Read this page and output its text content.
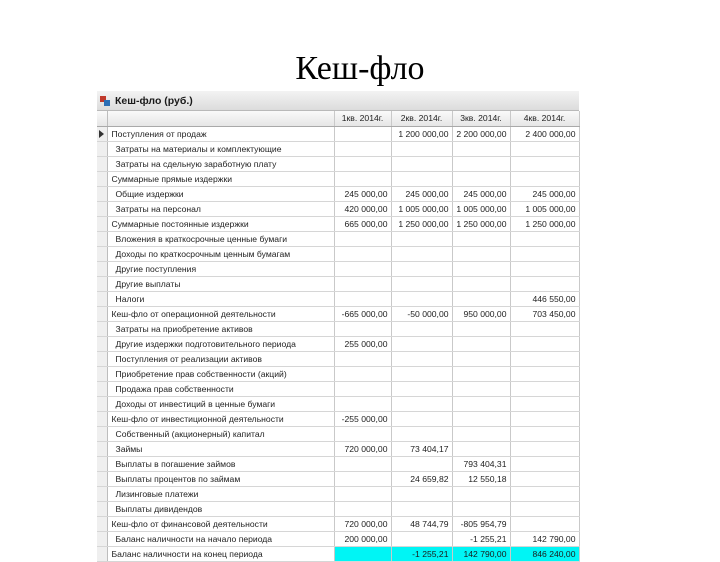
Кеш-фло
Кеш-фло (руб.)
		1кв. 2014г.	2кв. 2014г.	3кв. 2014г.	4кв. 2014г.
	Поступления от продаж		1 200 000,00	2 200 000,00	2 400 000,00
	Затраты на материалы и комплектующие				
	Затраты на сдельную заработную плату				
	Суммарные прямые издержки				
	Общие издержки	245 000,00	245 000,00	245 000,00	245 000,00
	Затраты на персонал	420 000,00	1 005 000,00	1 005 000,00	1 005 000,00
	Суммарные постоянные издержки	665 000,00	1 250 000,00	1 250 000,00	1 250 000,00
	Вложения в краткосрочные ценные бумаги				
	Доходы по краткосрочным ценным бумагам				
	Другие поступления				
	Другие выплаты				
	Налоги				446 550,00
	Кеш-фло от операционной деятельности	-665 000,00	-50 000,00	950 000,00	703 450,00
	Затраты на приобретение активов				
	Другие издержки подготовительного периода	255 000,00			
	Поступления от реализации активов				
	Приобретение прав собственности (акций)				
	Продажа прав собственности				
	Доходы от инвестиций в ценные бумаги				
	Кеш-фло от инвестиционной деятельности	-255 000,00			
	Собственный (акционерный) капитал				
	Займы	720 000,00	73 404,17		
	Выплаты в погашение займов			793 404,31	
	Выплаты процентов по займам		24 659,82	12 550,18	
	Лизинговые платежи				
	Выплаты дивидендов				
	Кеш-фло от финансовой деятельности	720 000,00	48 744,79	-805 954,79	
	Баланс наличности на начало периода	200 000,00		-1 255,21	142 790,00
	Баланс наличности на конец периода		-1 255,21	142 790,00	846 240,00
